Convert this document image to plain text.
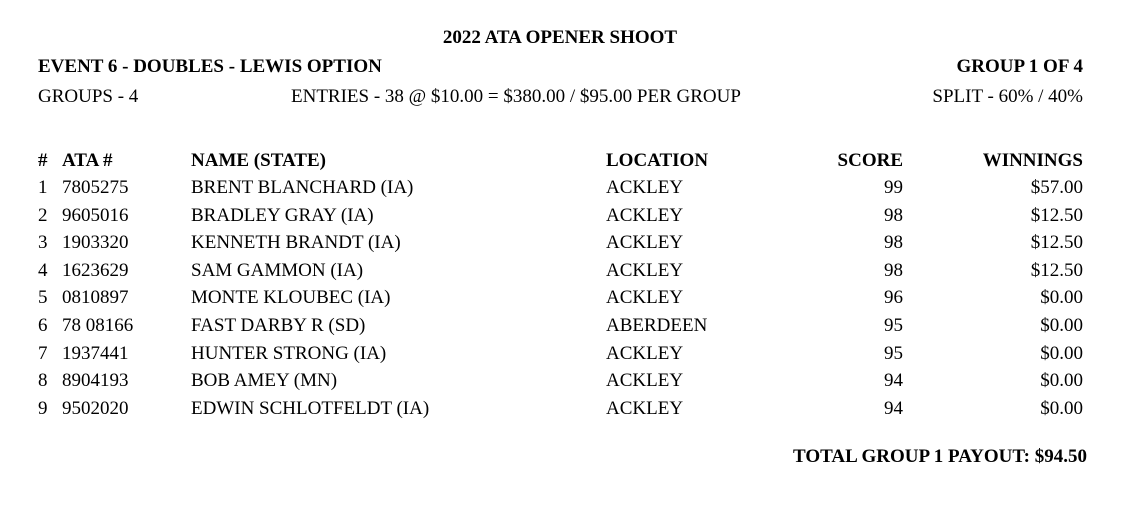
2022 ATA OPENER SHOOT
EVENT 6 - DOUBLES - LEWIS OPTION	GROUP 1 OF 4
GROUPS - 4	ENTRIES - 38 @ $10.00 = $380.00 / $95.00 PER GROUP	SPLIT - 60% / 40%
# ATA #	NAME (STATE)	LOCATION	SCORE	WINNINGS
1 7805275	BRENT BLANCHARD (IA)	ACKLEY	99	$57.00
2 9605016	BRADLEY GRAY (IA)	ACKLEY	98	$12.50
3 1903320	KENNETH BRANDT (IA)	ACKLEY	98	$12.50
4 1623629	SAM GAMMON (IA)	ACKLEY	98	$12.50
5 0810897	MONTE KLOUBEC (IA)	ACKLEY	96	$0.00
6 78 08166	FAST DARBY R (SD)	ABERDEEN	95	$0.00
7 1937441	HUNTER STRONG (IA)	ACKLEY	95	$0.00
8 8904193	BOB AMEY (MN)	ACKLEY	94	$0.00
9 9502020	EDWIN SCHLOTFELDT (IA)	ACKLEY	94	$0.00
TOTAL GROUP 1 PAYOUT: $94.50
